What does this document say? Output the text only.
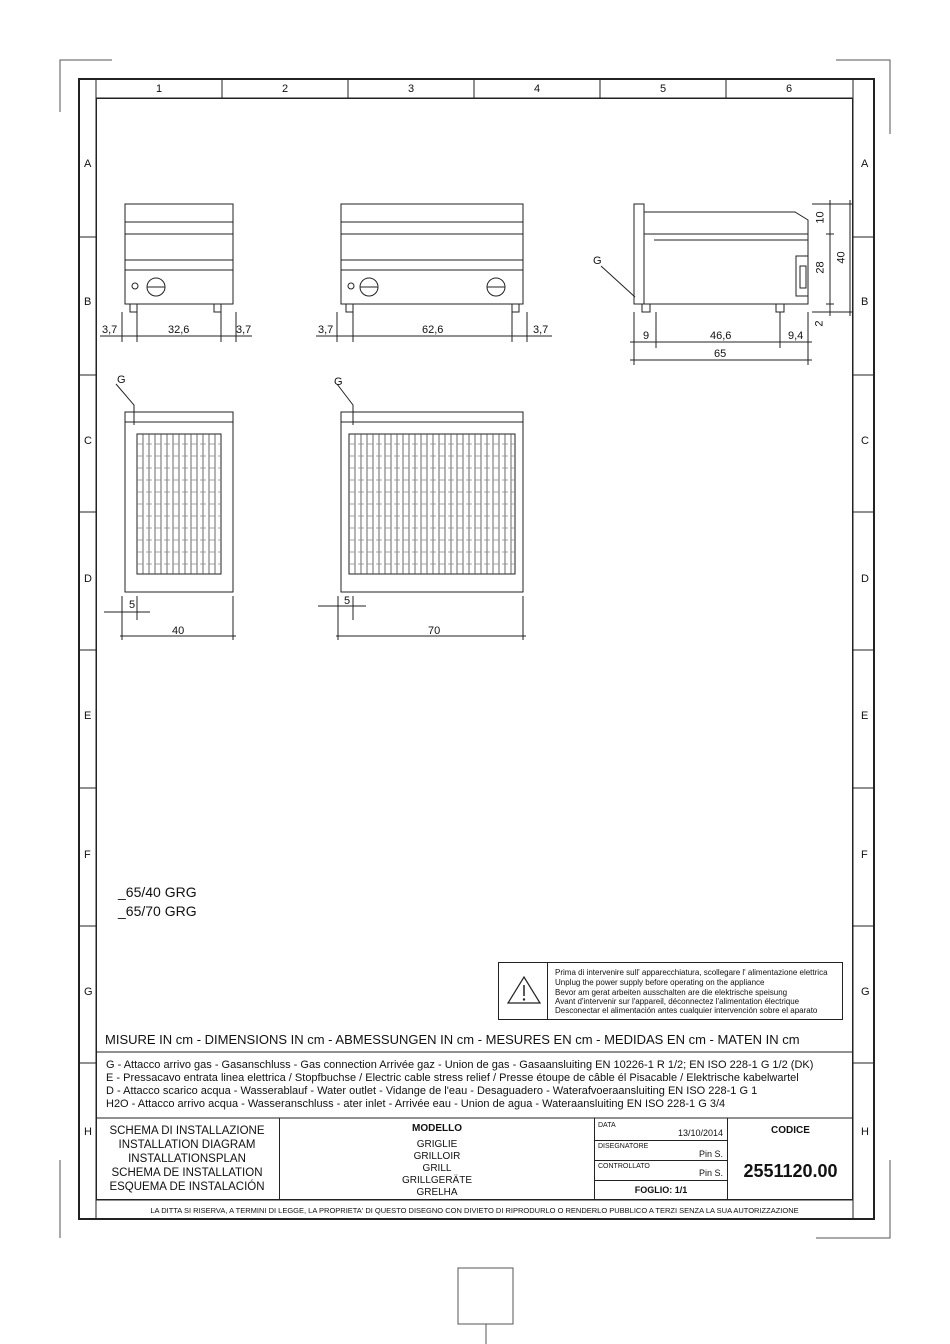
1	2	3	4	5	6
A
B
C
D
E
F
G
H
A
B
C
D
E
F
G
H
3,7	32,6	3,7	3,7	62,6	3,7
G
9	46,6	9,4
65
10
28
2
40
G
5
40
G
5
70
_65/40 GRG
_65/70 GRG
Prima di intervenire sull' apparecchiatura, scollegare l' alimentazione elettrica
Unplug the power supply before operating on the appliance
Bevor am gerat arbeiten ausschalten are die elektrische speisung
Avant d'intervenir sur l'appareil, déconnectez l'alimentation électrique
Desconectar el alimentación antes cualquier intervención sobre el aparato
MISURE IN cm - DIMENSIONS IN cm - ABMESSUNGEN IN cm - MESURES EN cm - MEDIDAS EN cm - MATEN IN cm
G - Attacco arrivo gas - Gasanschluss - Gas connection Arrivée gaz - Union de gas - Gasaansluiting EN 10226-1 R 1/2; EN ISO 228-1 G 1/2 (DK)
E - Pressacavo entrata linea elettrica / Stopfbuchse / Electric cable stress relief / Presse étoupe de câble él Pisacable / Elektrische kabelwartel
D - Attacco scarico acqua - Wasserablauf - Water outlet - Vidange de l'eau - Desaguadero - Waterafvoeraansluiting EN ISO 228-1 G 1
H2O - Attacco arrivo acqua - Wasseranschluss - ater inlet - Arrivée eau - Union de agua - Wateraansluiting EN ISO 228-1 G 3/4
SCHEMA DI INSTALLAZIONE
INSTALLATION DIAGRAM
INSTALLATIONSPLAN
SCHEMA DE INSTALLATION
ESQUEMA DE INSTALACIÓN
MODELLO
GRIGLIE
GRILLOIR
GRILL
GRILLGERÄTE
GRELHA
DATA
13/10/2014
DISEGNATORE
Pin S.
CONTROLLATO
Pin S.
FOGLIO: 1/1
CODICE
2551120.00
LA DITTA SI RISERVA, A TERMINI DI LEGGE, LA PROPRIETA' DI QUESTO DISEGNO CON DIVIETO DI RIPRODURLO O RENDERLO PUBBLICO A TERZI SENZA LA SUA AUTORIZZAZIONE
